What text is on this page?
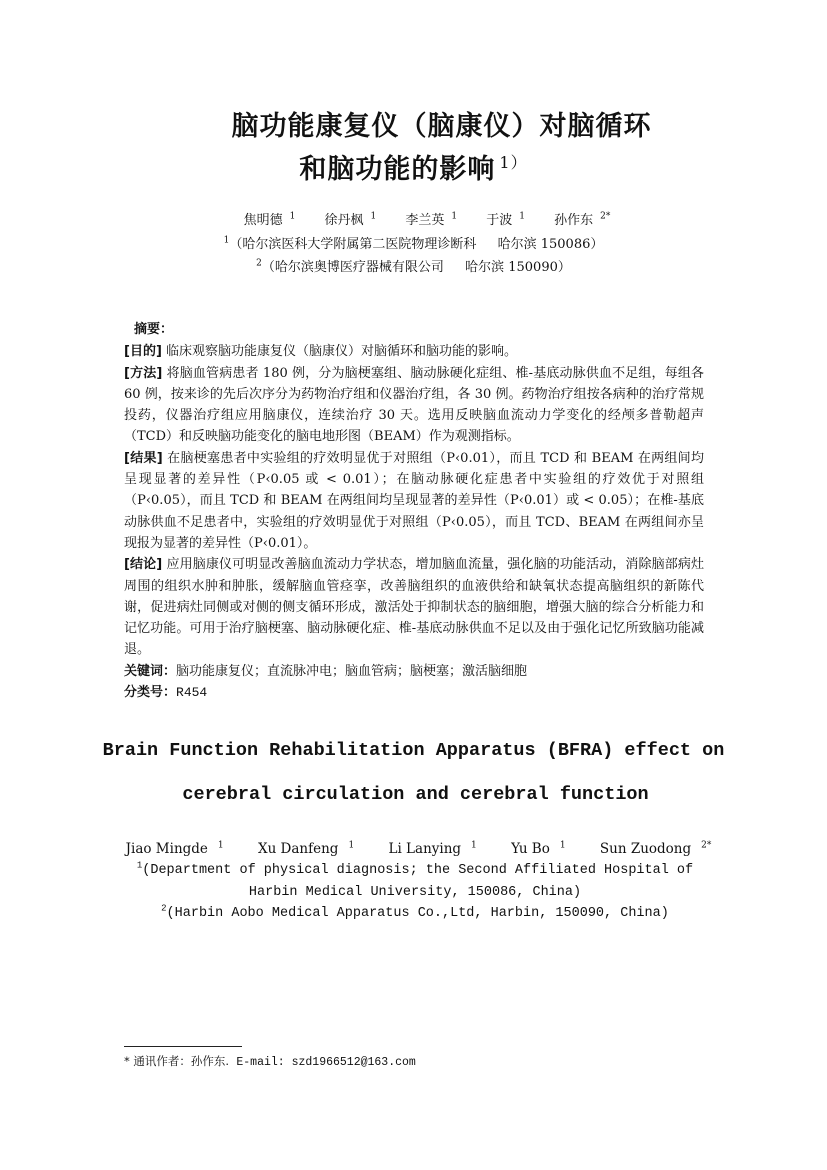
脑功能康复仪（脑康仪）对脑循环
和脑功能的影响 $^{1)}$
焦明德 $^1$ 徐丹枫 $^1$ 李兰英 $^1$ 于波 $^1$ 孙作东 $^{2*}$
$^1$（哈尔滨医科大学附属第二医院物理诊断科 　 哈尔滨 150086）
$^2$（哈尔滨奥博医疗器械有限公司 　 哈尔滨 150090）
摘要：

[目的] 临床观察脑功能康复仪（脑康仪）对脑循环和脑功能的影响。

[方法] 将脑血管病患者 180 例，分为脑梗塞组、脑动脉硬化症组、椎-基底动脉供血不足组，每组各 60 例，按来诊的先后次序分为药物治疗组和仪器治疗组，各 30 例。药物治疗组按各病种的治疗常规投药，仪器治疗组应用脑康仪，连续治疗 30 天。选用反映脑血流动力学变化的经颅多普勒超声（TCD）和反映脑功能变化的脑电地形图（BEAM）作为观测指标。

[结果] 在脑梗塞患者中实验组的疗效明显优于对照组（P‹0.01），而且 TCD 和 BEAM 在两组间均呈现显著的差异性（P‹0.05 或 < 0.01）；在脑动脉硬化症患者中实验组的疗效优于对照组（P‹0.05），而且 TCD 和 BEAM 在两组间均呈现显著的差异性（P‹0.01）或 < 0.05）；在椎-基底动脉供血不足患者中，实验组的疗效明显优于对照组（P‹0.05），而且 TCD、BEAM 在两组间亦呈现报为显著的差异性（P‹0.01）。

[结论] 应用脑康仪可明显改善脑血流动力学状态，增加脑血流量，强化脑的功能活动，消除脑部病灶周围的组织水肿和肿胀，缓解脑血管痉挛，改善脑组织的血液供给和缺氧状态提高脑组织的新陈代谢，促进病灶同侧或对侧的侧支循环形成，激活处于抑制状态的脑细胞，增强大脑的综合分析能力和记忆功能。可用于治疗脑梗塞、脑动脉硬化症、椎-基底动脉供血不足以及由于强化记忆所致脑功能减退。

关键词：脑功能康复仪；直流脉冲电；脑血管病；脑梗塞；激活脑细胞

分类号：R454

Brain Function Rehabilitation Apparatus (BFRA) effect on
cerebral circulation and cerebral function
Jiao Mingde $^1$	Xu Danfeng $^1$	Li Lanying $^1$	Yu Bo $^1$	Sun Zuodong $^{2*}$
$^1$(Department of physical diagnosis; the Second Affiliated Hospital of Harbin Medical University, 150086, China)
$^2$(Harbin Aobo Medical Apparatus Co.,Ltd, Harbin, 150090, China)
* 通讯作者：孙作东. E-mail: szd1966512@163.com
